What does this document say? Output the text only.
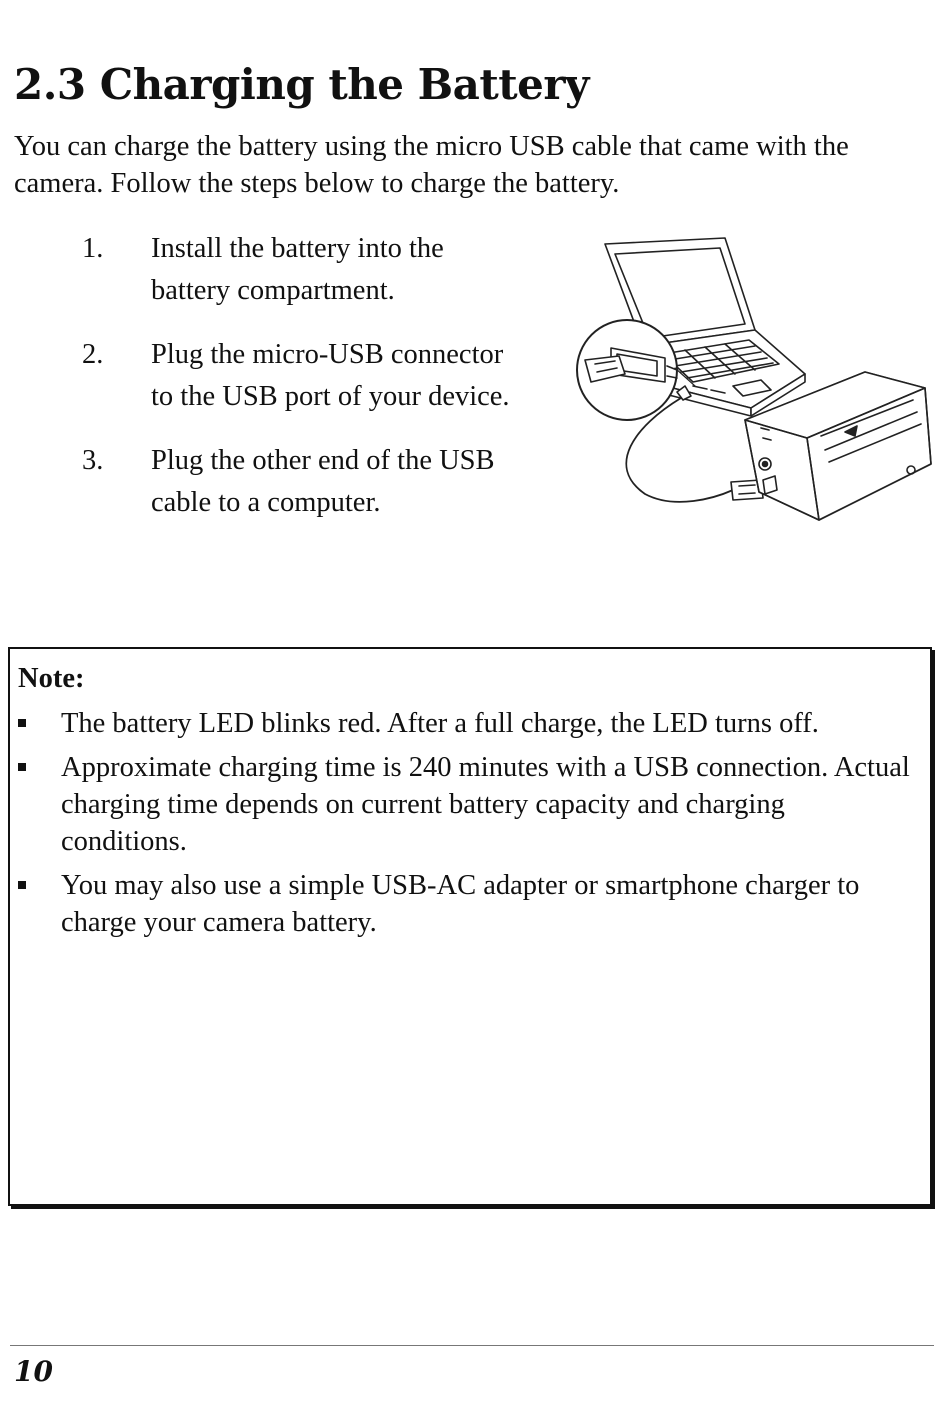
2.3 Charging the Battery

You can charge the battery using the micro USB cable that came with the camera. Follow the steps below to charge the battery.

1. Install the battery into the battery compartment.
2. Plug the micro-USB connector to the USB port of your device.
3. Plug the other end of the USB cable to a computer.

Note:

The battery LED blinks red. After a full charge, the LED turns off.
Approximate charging time is 240 minutes with a USB connection. Actual charging time depends on current battery capacity and charging conditions.
You may also use a simple USB-AC adapter or smartphone charger to charge your camera battery.
10
